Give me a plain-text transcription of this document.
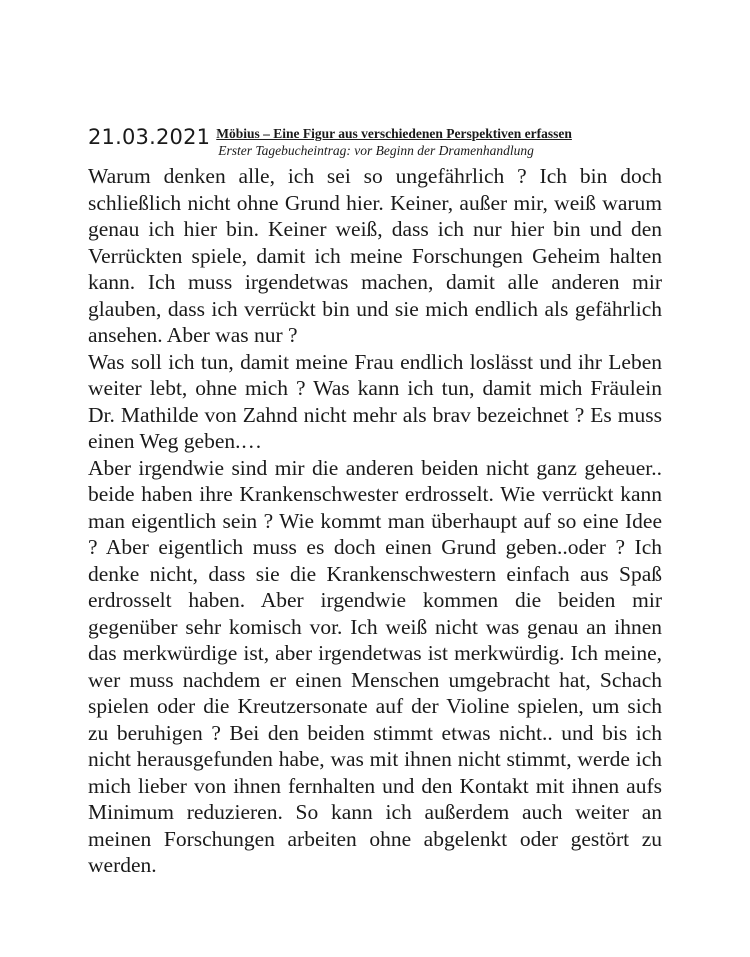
21.03.2021 Möbius – Eine Figur aus verschiedenen Perspektiven erfassen
Erster Tagebucheintrag: vor Beginn der Dramenhandlung

Warum denken alle, ich sei so ungefährlich ? Ich bin doch schließlich nicht ohne Grund hier. Keiner, außer mir, weiß warum genau ich hier bin. Keiner weiß, dass ich nur hier bin und den Verrückten spiele, damit ich meine Forschungen Geheim halten kann. Ich muss irgendetwas machen, damit alle anderen mir glauben, dass ich verrückt bin und sie mich endlich als gefährlich ansehen. Aber was nur ?

Was soll ich tun, damit meine Frau endlich loslässt und ihr Leben weiter lebt, ohne mich ? Was kann ich tun, damit mich Fräulein Dr. Mathilde von Zahnd nicht mehr als brav bezeichnet ? Es muss einen Weg geben.…

Aber irgendwie sind mir die anderen beiden nicht ganz geheuer.. beide haben ihre Krankenschwester erdrosselt. Wie verrückt kann man eigentlich sein ? Wie kommt man überhaupt auf so eine Idee ? Aber eigentlich muss es doch einen Grund geben..oder ? Ich denke nicht, dass sie die Krankenschwestern einfach aus Spaß erdrosselt haben. Aber irgendwie kommen die beiden mir gegenüber sehr komisch vor. Ich weiß nicht was genau an ihnen das merkwürdige ist, aber irgendetwas ist merkwürdig. Ich meine, wer muss nachdem er einen Menschen umgebracht hat, Schach spielen oder die Kreutzersonate auf der Violine spielen, um sich zu beruhigen ? Bei den beiden stimmt etwas nicht.. und bis ich nicht herausgefunden habe, was mit ihnen nicht stimmt, werde ich mich lieber von ihnen fernhalten und den Kontakt mit ihnen aufs Minimum reduzieren. So kann ich außerdem auch weiter an meinen Forschungen arbeiten ohne abgelenkt oder gestört zu werden.
